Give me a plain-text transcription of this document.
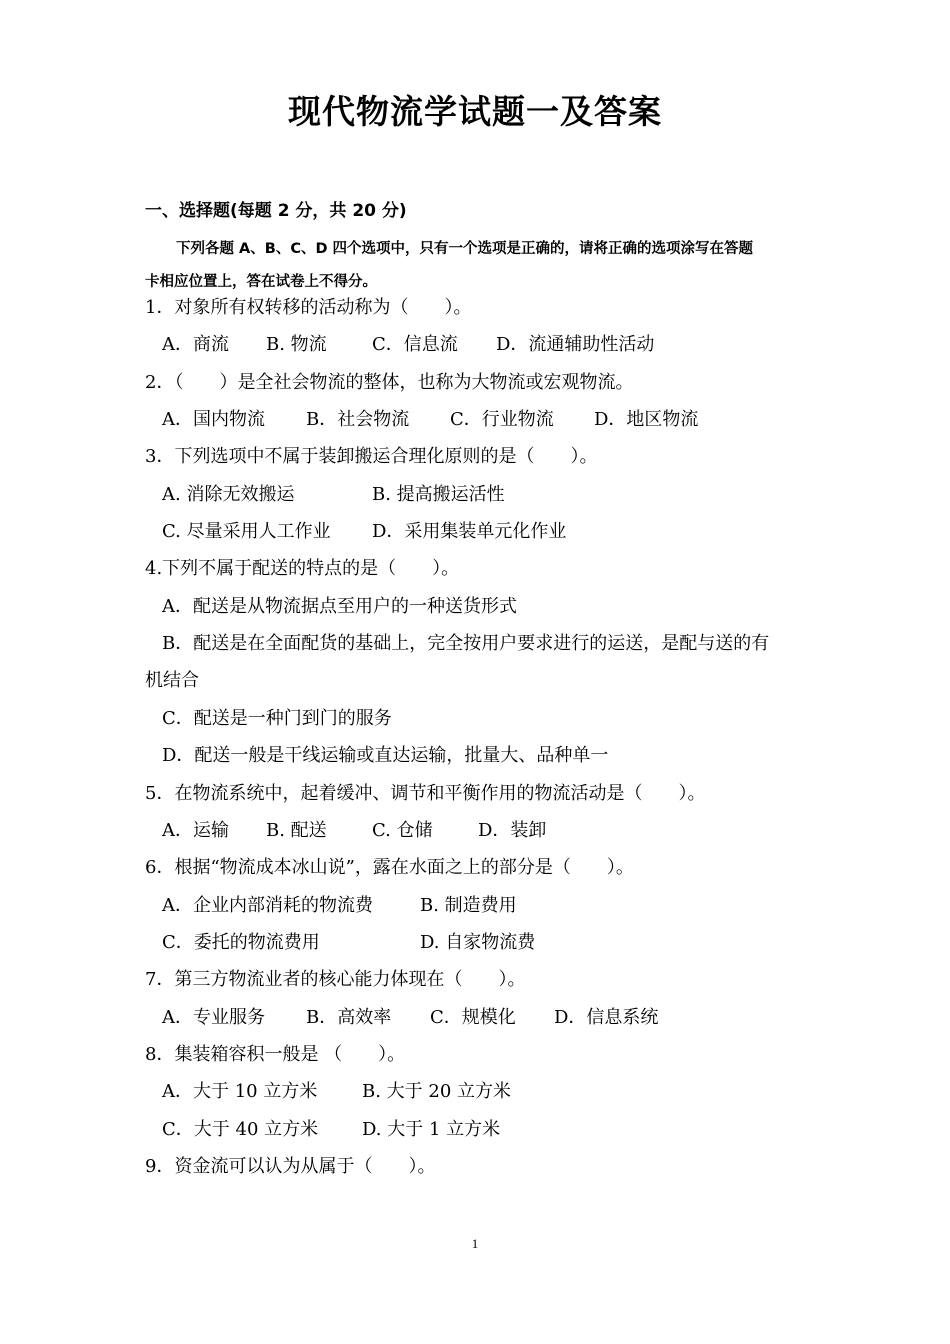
现代物流学试题一及答案
一、选择题(每题 2 分，共 20 分)
下列各题 A、B、C、D 四个选项中，只有一个选项是正确的，请将正确的选项涂写在答题
卡相应位置上，答在试卷上不得分。
1．对象所有权转移的活动称为（　　）。
A．商流 B. 物流	C．信息流 D．流通辅助性活动
2．（　　）是全社会物流的整体，也称为大物流或宏观物流。
A．国内物流 B．社会物流 C．行业物流 D．地区物流
3．下列选项中不属于装卸搬运合理化原则的是（　　）。
A. 消除无效搬运	B. 提高搬运活性
C. 尽量采用人工作业 D．采用集装单元化作业
4.下列不属于配送的特点的是（　　）。
A．配送是从物流据点至用户的一种送货形式
B．配送是在全面配货的基础上，完全按用户要求进行的运送，是配与送的有
机结合
C．配送是一种门到门的服务
D．配送一般是干线运输或直达运输，批量大、品种单一
5．在物流系统中，起着缓冲、调节和平衡作用的物流活动是（　　）。
A．运输 B. 配送	C. 仓储	D．装卸
6．根据“物流成本冰山说”，露在水面之上的部分是（　　）。
A．企业内部消耗的物流费	B. 制造费用
C．委托的物流费用	D. 自家物流费
7．第三方物流业者的核心能力体现在（　　）。
A．专业服务 B．高效率 C．规模化 D．信息系统
8．集装箱容积一般是 （　　）。
A．大于 10 立方米 B. 大于 20 立方米
C．大于 40 立方米 D. 大于 1 立方米
9．资金流可以认为从属于（　　）。
1
